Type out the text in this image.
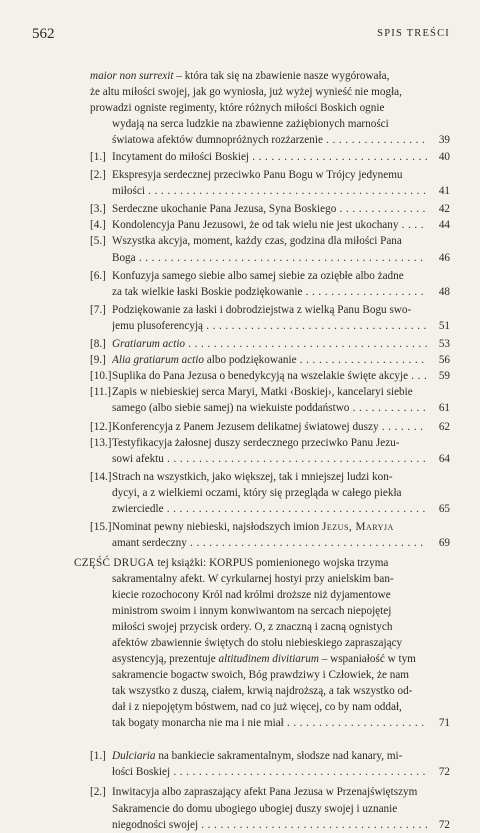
562	SPIS TREŚCI
maior non surrexit – która tak się na zbawienie nasze wygórowała,
że altu miłości swojej, jak go wyniosła, już wyżej wynieść nie mogła,
prowadzi ogniste regimenty, które różnych miłości Boskich ognie
wydają na serca ludzkie na zbawienne zażiębionych marności
światowa afektów dumnopróżnych rozżarzenie . . .	39
[1.] Incytament do miłości Boskiej . . .	40
[2.] Ekspresyja serdecznej przeciwko Panu Bogu w Trójcy jedynemu
miłości . . .	41
[3.] Serdeczne ukochanie Pana Jezusa, Syna Boskiego . . .	42
[4.] Kondolencyja Panu Jezusowi, że od tak wielu nie jest ukochany . . .	44
[5.] Wszystka akcyja, moment, każdy czas, godzina dla miłości Pana
Boga . . .	46
[6.] Konfuzyja samego siebie albo samej siebie za oziębłe albo żadne
za tak wielkie łaski Boskie podziękowanie . . .	48
[7.] Podziękowanie za łaski i dobrodziejstwa z wielką Panu Bogu swo-
jemu plusoferencyją . . .	51
[8.] Gratiarum actio . . .	53
[9.] Alia gratiarum actio albo podziękowanie . . .	56
[10.] Suplika do Pana Jezusa o benedykcyją na wszelakie święte akcyje . . .	59
[11.] Zapis w niebieskiej serca Maryi, Matki ‹Boskiej›, kancelaryi siebie
samego (albo siebie samej) na wiekuiste poddaństwo . . .	61
[12.] Konferencyja z Panem Jezusem delikatnej światowej duszy . . .	62
[13.] Testyfikacyja żałosnej duszy serdecznego przeciwko Panu Jezu-
sowi afektu . . .	64
[14.] Strach na wszystkich, jako większej, tak i mniejszej ludzi kon-
dycyi, a z wielkiemi oczami, który się przegląda w całego piekła
zwierciedle . . .	65
[15.] Nominat pewny niebieski, najsłodszych imion Jezus, Maryja
amant serdeczny . . .	69
CZĘŚĆ DRUGA tej książki: KORPUS pomienionego wojska trzyma
sakramentalny afekt. W cyrkularnej hostyi przy anielskim ban-
kiecie rozochocony Król nad królmi droższe niż dyjamentowe
ministrom swoim i innym konwiwantom na sercach niepojętej
miłości swojej przycisk ordery. O, z znaczną i zacną ognistych
afektów zbawiennie świętych do stołu niebieskiego zapraszający
asystencyją, prezentuje altitudinem divitiarum – wspaniałość w tym
sakramencie bogactw swoich, Bóg prawdziwy i Człowiek, że nam
tak wszystko z duszą, ciałem, krwią najdroższą, a tak wszystko od-
dał i z niepojętym bóstwem, nad co już więcej, co by nam oddał,
tak bogaty monarcha nie ma i nie miał . . .	71
[1.] Dulciaria na bankiecie sakramentalnym, słodsze nad kanary, mi-
łości Boskiej . . .	72
[2.] Inwitacyja albo zapraszający afekt Pana Jezusa w Przenajświętszym
Sakramencie do domu ubogiego ubogiej duszy swojej i uznanie
niegodności swojej . . .	72
